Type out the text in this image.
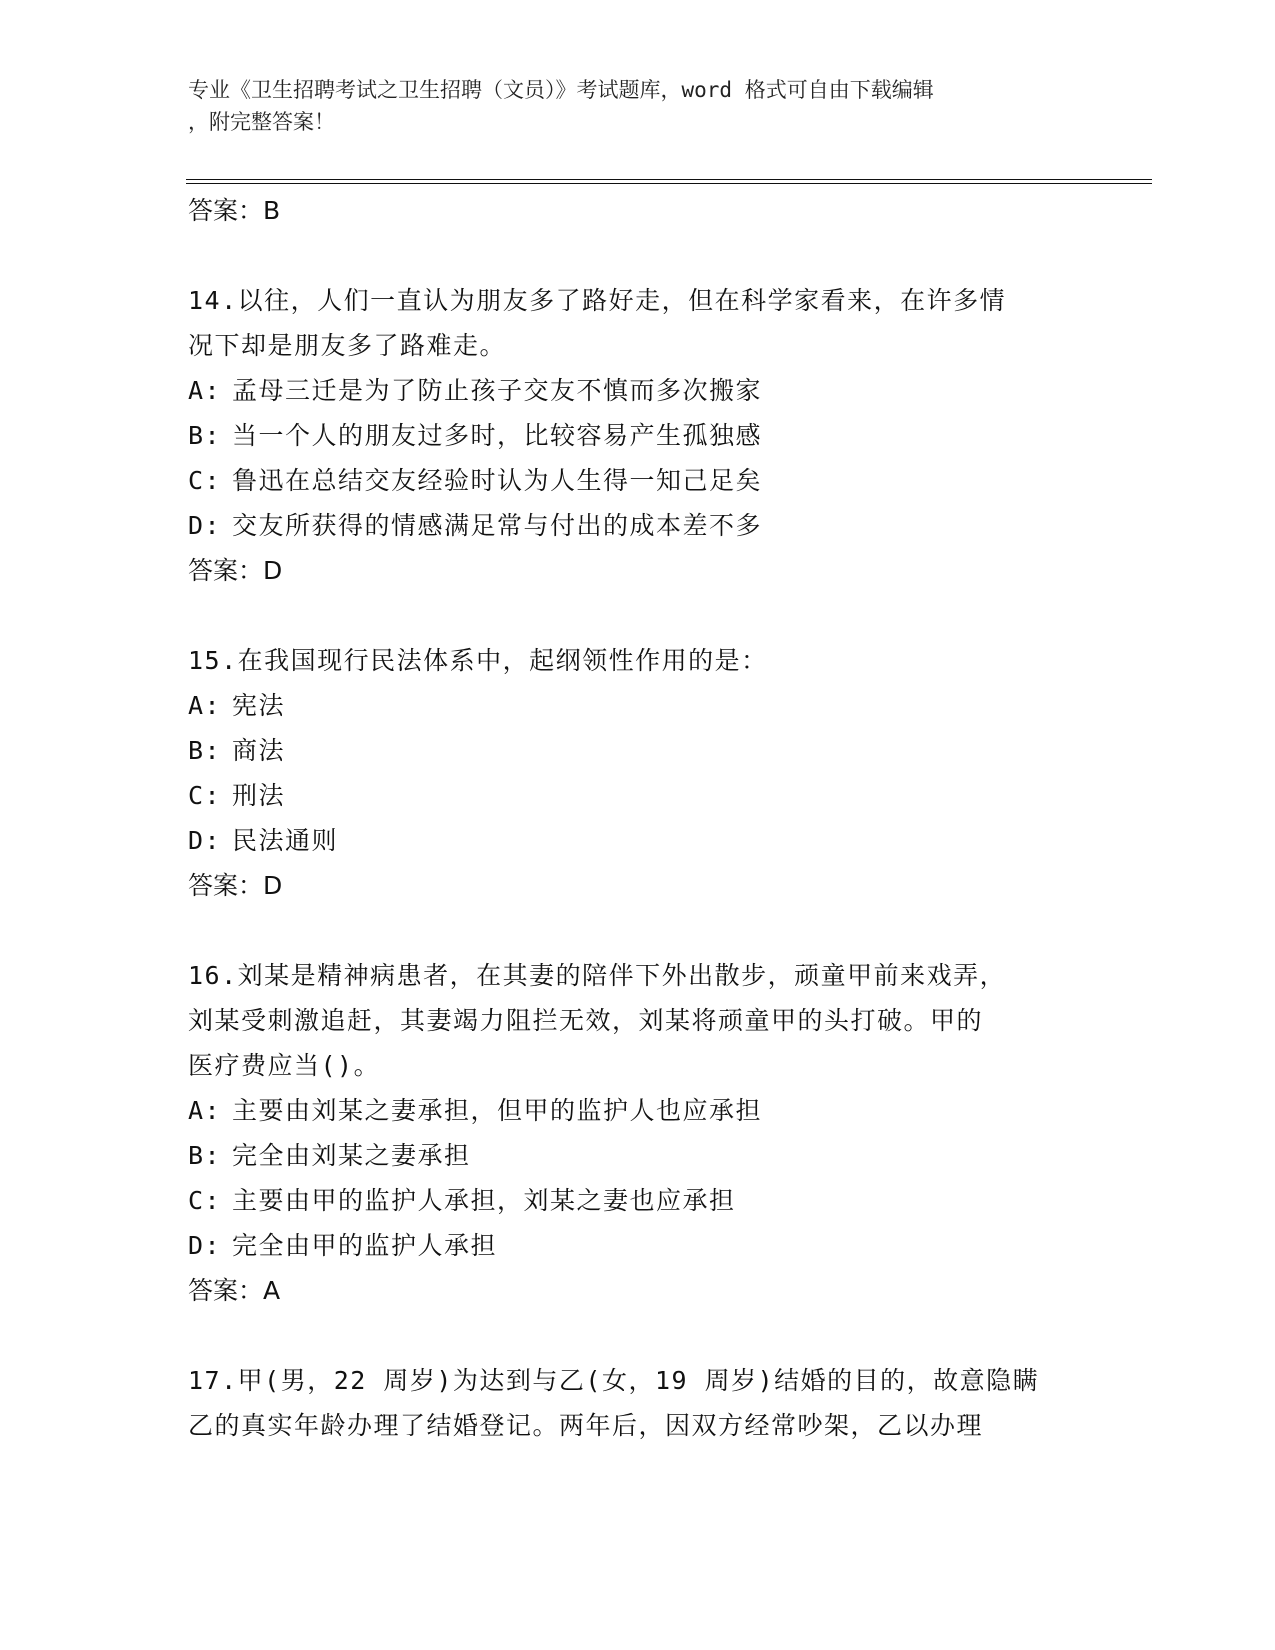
专业《卫生招聘考试之卫生招聘（文员）》考试题库，word 格式可自由下载编辑
，附完整答案！
答案：B
14.以往，人们一直认为朋友多了路好走，但在科学家看来，在许多情
况下却是朋友多了路难走。
A: 孟母三迁是为了防止孩子交友不慎而多次搬家
B: 当一个人的朋友过多时，比较容易产生孤独感
C: 鲁迅在总结交友经验时认为人生得一知己足矣
D: 交友所获得的情感满足常与付出的成本差不多
答案：D
15.在我国现行民法体系中，起纲领性作用的是：
A: 宪法
B: 商法
C: 刑法
D: 民法通则
答案：D
16.刘某是精神病患者，在其妻的陪伴下外出散步，顽童甲前来戏弄，
刘某受刺激追赶，其妻竭力阻拦无效，刘某将顽童甲的头打破。甲的
医疗费应当()。
A: 主要由刘某之妻承担，但甲的监护人也应承担
B: 完全由刘某之妻承担
C: 主要由甲的监护人承担，刘某之妻也应承担
D: 完全由甲的监护人承担
答案：A
17.甲(男，22 周岁)为达到与乙(女，19 周岁)结婚的目的，故意隐瞒
乙的真实年龄办理了结婚登记。两年后，因双方经常吵架，乙以办理
